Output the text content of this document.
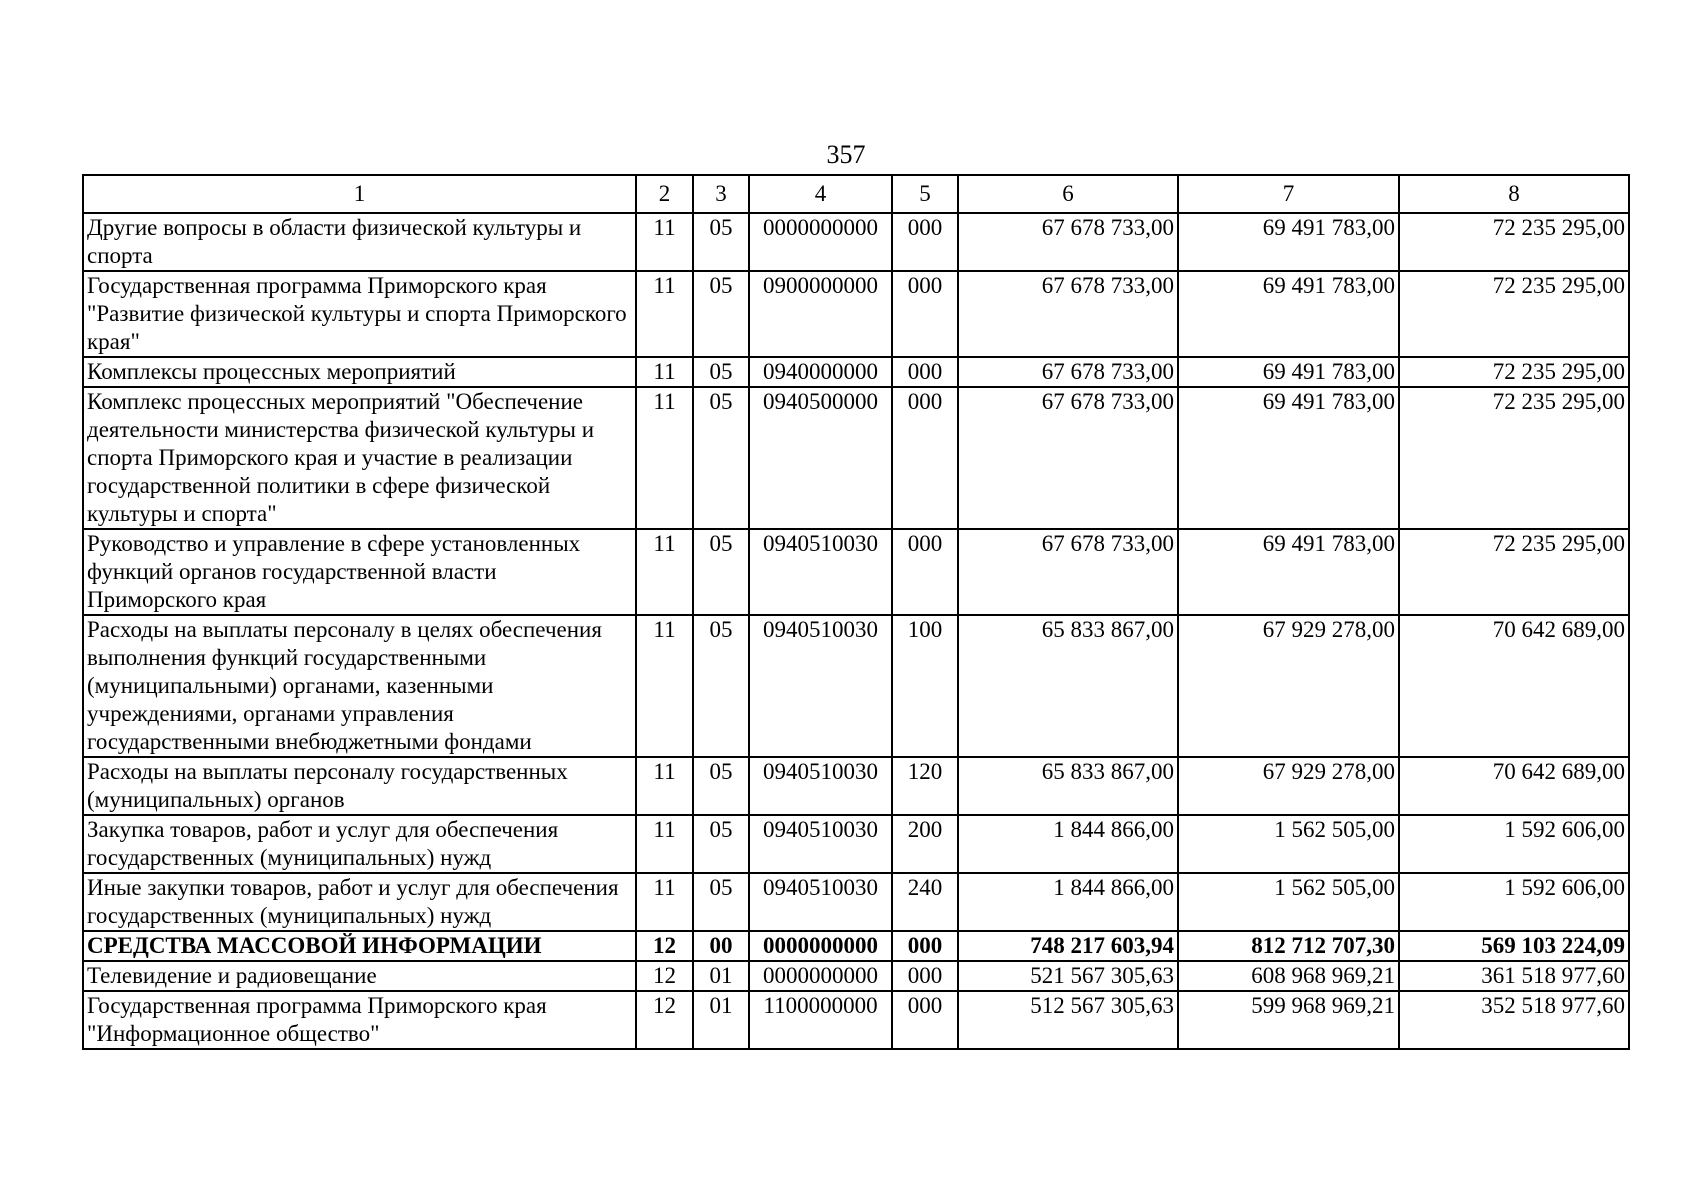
357
1	2	3	4	5	6	7	8
Другие вопросы в области физической культуры и спорта	11	05	0000000000	000	67 678 733,00	69 491 783,00	72 235 295,00
Государственная программа Приморского края "Развитие физической культуры и спорта Приморского края"	11	05	0900000000	000	67 678 733,00	69 491 783,00	72 235 295,00
Комплексы процессных мероприятий	11	05	0940000000	000	67 678 733,00	69 491 783,00	72 235 295,00
Комплекс процессных мероприятий "Обеспечение деятельности министерства физической культуры и спорта Приморского края и участие в реализации государственной политики в сфере физической культуры и спорта"	11	05	0940500000	000	67 678 733,00	69 491 783,00	72 235 295,00
Руководство и управление в сфере установленных функций органов государственной власти Приморского края	11	05	0940510030	000	67 678 733,00	69 491 783,00	72 235 295,00
Расходы на выплаты персоналу в целях обеспечения выполнения функций государственными (муниципальными) органами, казенными учреждениями, органами управления государственными внебюджетными фондами	11	05	0940510030	100	65 833 867,00	67 929 278,00	70 642 689,00
Расходы на выплаты персоналу государственных (муниципальных) органов	11	05	0940510030	120	65 833 867,00	67 929 278,00	70 642 689,00
Закупка товаров, работ и услуг для обеспечения государственных (муниципальных) нужд	11	05	0940510030	200	1 844 866,00	1 562 505,00	1 592 606,00
Иные закупки товаров, работ и услуг для обеспечения государственных (муниципальных) нужд	11	05	0940510030	240	1 844 866,00	1 562 505,00	1 592 606,00
СРЕДСТВА МАССОВОЙ ИНФОРМАЦИИ	12	00	0000000000	000	748 217 603,94	812 712 707,30	569 103 224,09
Телевидение и радиовещание	12	01	0000000000	000	521 567 305,63	608 968 969,21	361 518 977,60
Государственная программа Приморского края "Информационное общество"	12	01	1100000000	000	512 567 305,63	599 968 969,21	352 518 977,60
